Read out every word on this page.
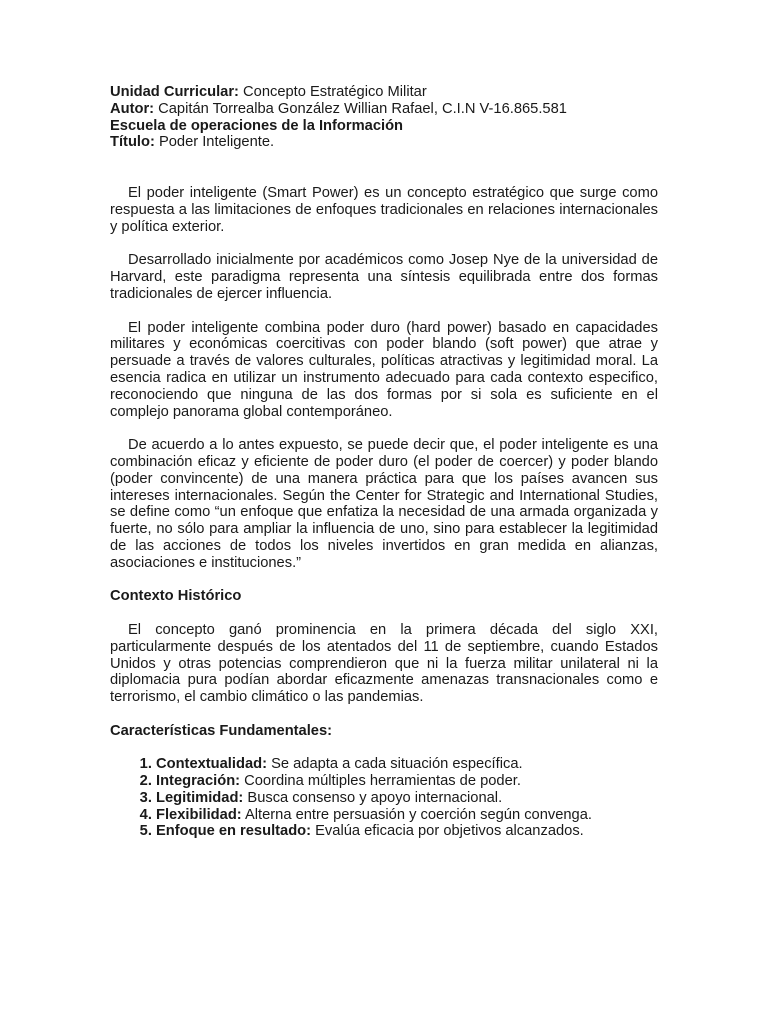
Unidad Curricular: Concepto Estratégico Militar
Autor: Capitán Torrealba González Willian Rafael, C.I.N V-16.865.581
Escuela de operaciones de la Información
Título: Poder Inteligente.

El poder inteligente (Smart Power) es un concepto estratégico que surge como respuesta a las limitaciones de enfoques tradicionales en relaciones internacionales y política exterior.

Desarrollado inicialmente por académicos como Josep Nye de la universidad de Harvard, este paradigma representa una síntesis equilibrada entre dos formas tradicionales de ejercer influencia.

El poder inteligente combina poder duro (hard power) basado en capacidades militares y económicas coercitivas con poder blando (soft power) que atrae y persuade a través de valores culturales, políticas atractivas y legitimidad moral. La esencia radica en utilizar un instrumento adecuado para cada contexto especifico, reconociendo que ninguna de las dos formas por si sola es suficiente en el complejo panorama global contemporáneo.

De acuerdo a lo antes expuesto, se puede decir que, el poder inteligente es una combinación eficaz y eficiente de poder duro (el poder de coercer) y poder blando (poder convincente) de una manera práctica para que los países avancen sus intereses internacionales. Según the Center for Strategic and International Studies, se define como “un enfoque que enfatiza la necesidad de una armada organizada y fuerte, no sólo para ampliar la influencia de uno, sino para establecer la legitimidad de las acciones de todos los niveles invertidos en gran medida en alianzas, asociaciones e instituciones.”

Contexto Histórico

El concepto ganó prominencia en la primera década del siglo XXI, particularmente después de los atentados del 11 de septiembre, cuando Estados Unidos y otras potencias comprendieron que ni la fuerza militar unilateral ni la diplomacia pura podían abordar eficazmente amenazas transnacionales como e terrorismo, el cambio climático o las pandemias.

Características Fundamentales:
1. Contextualidad: Se adapta a cada situación específica.
2. Integración: Coordina múltiples herramientas de poder.
3. Legitimidad: Busca consenso y apoyo internacional.
4. Flexibilidad: Alterna entre persuasión y coerción según convenga.
5. Enfoque en resultado: Evalúa eficacia por objetivos alcanzados.
